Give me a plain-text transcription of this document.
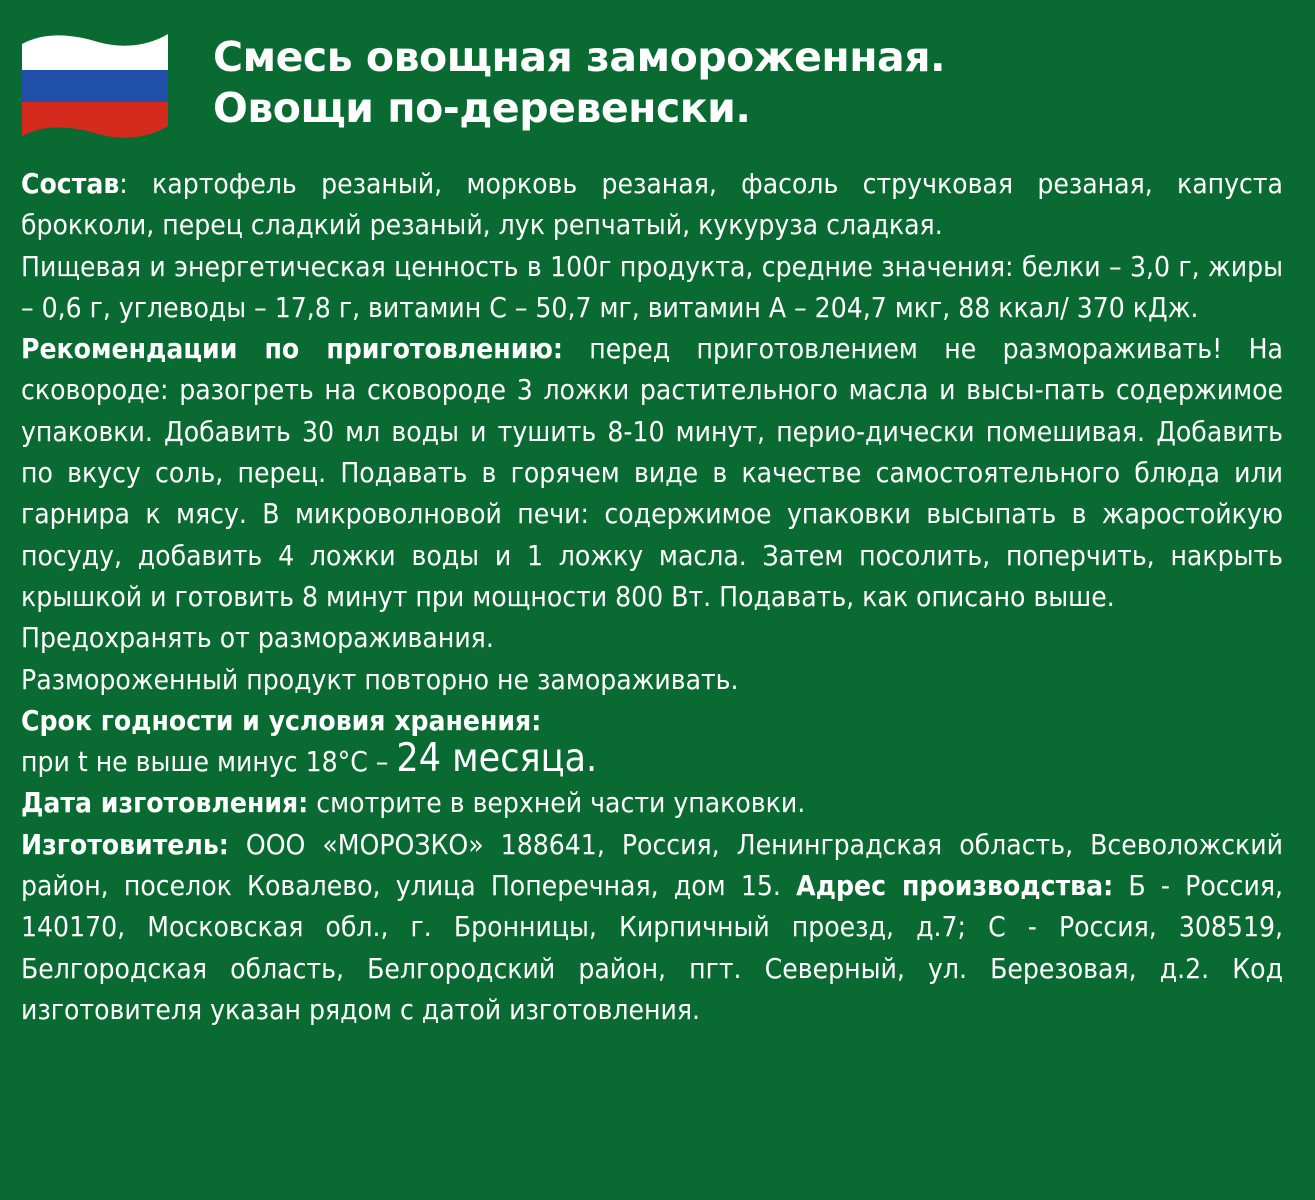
Смесь овощная замороженная.
Овощи по-деревенски.

Состав: картофель резаный, морковь резаная, фасоль стручковая резаная, капуста брокколи, перец сладкий резаный, лук репчатый, кукуруза сладкая.

Пищевая и энергетическая ценность в 100г продукта, средние значения: белки – 3,0 г, жиры – 0,6 г, углеводы – 17,8 г, витамин С – 50,7 мг, витамин А – 204,7 мкг, 88 ккал/ 370 кДж.

Рекомендации по приготовлению: перед приготовлением не размораживать! На сковороде: разогреть на сковороде 3 ложки растительного масла и высы-пать содержимое упаковки. Добавить 30 мл воды и тушить 8-10 минут, перио-дически помешивая. Добавить по вкусу соль, перец. Подавать в горячем виде в качестве самостоятельного блюда или гарнира к мясу. В микроволновой печи: содержимое упаковки высыпать в жаростойкую посуду, добавить 4 ложки воды и 1 ложку масла. Затем посолить, поперчить, накрыть крышкой и готовить 8 минут при мощности 800 Вт. Подавать, как описано выше.

Предохранять от размораживания.

Размороженный продукт повторно не замораживать.

Срок годности и условия хранения:

при t не выше минус 18°С – 24 месяца.

Дата изготовления: смотрите в верхней части упаковки.

Изготовитель: ООО «МОРОЗКО» 188641, Россия, Ленинградская область, Всеволожский район, поселок Ковалево, улица Поперечная, дом 15. Адрес производства: Б - Россия, 140170, Московская обл., г. Бронницы, Кирпичный проезд, д.7; С - Россия, 308519, Белгородская область, Белгородский район, пгт. Северный, ул. Березовая, д.2. Код изготовителя указан рядом с датой изготовления.
